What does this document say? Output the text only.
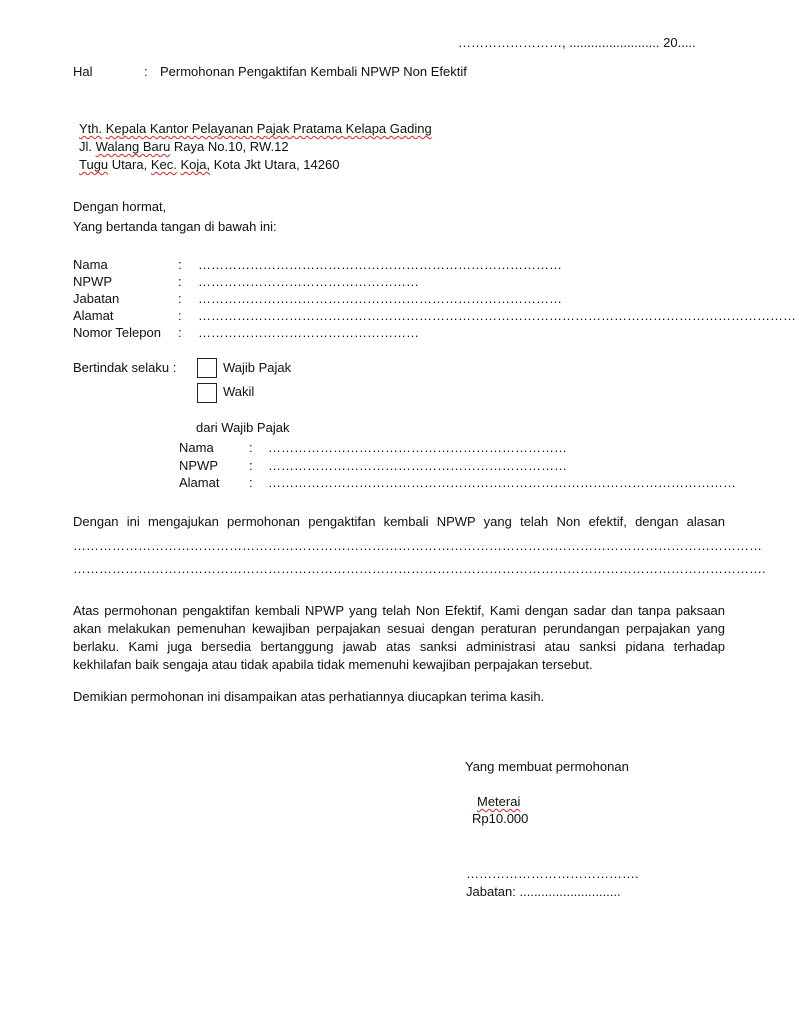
……………………, ......................... 20.....
Hal	: Permohonan Pengaktifan Kembali NPWP Non Efektif
Yth. Kepala Kantor Pelayanan Pajak Pratama Kelapa Gading
Jl. Walang Baru Raya No.10, RW.12
Tugu Utara, Kec. Koja, Kota Jkt Utara, 14260
Dengan hormat,
Yang bertanda tangan di bawah ini:
Nama	: …………………………………………………………………………
NPWP	: ……………………………………………
Jabatan	: …………………………………………………………………………
Alamat	: …………………………………………………………………………………………………………………………
Nomor Telepon : ……………………………………………
Bertindak selaku :	Wajib Pajak
Wakil
dari Wajib Pajak
Nama	: ……………………………………………………………
NPWP : ……………………………………………………………
Alamat : ………………………………………………………………………………………………
Dengan ini mengajukan permohonan pengaktifan kembali NPWP yang telah Non efektif, dengan alasan
……………………………………………………………………………………………………………………………………………
…………………………………………………………………………………………………………………………………………….
Atas permohonan pengaktifan kembali NPWP yang telah Non Efektif, Kami dengan sadar dan tanpa paksaan
akan melakukan pemenuhan kewajiban perpajakan sesuai dengan peraturan perundangan perpajakan yang
berlaku. Kami juga bersedia bertanggung jawab atas sanksi administrasi atau sanksi pidana terhadap
kekhilafan baik sengaja atau tidak apabila tidak memenuhi kewajiban perpajakan tersebut.
Demikian permohonan ini disampaikan atas perhatiannya diucapkan terima kasih.
Yang membuat permohonan
Meterai
Rp10.000
………………………………….
Jabatan: ............................
